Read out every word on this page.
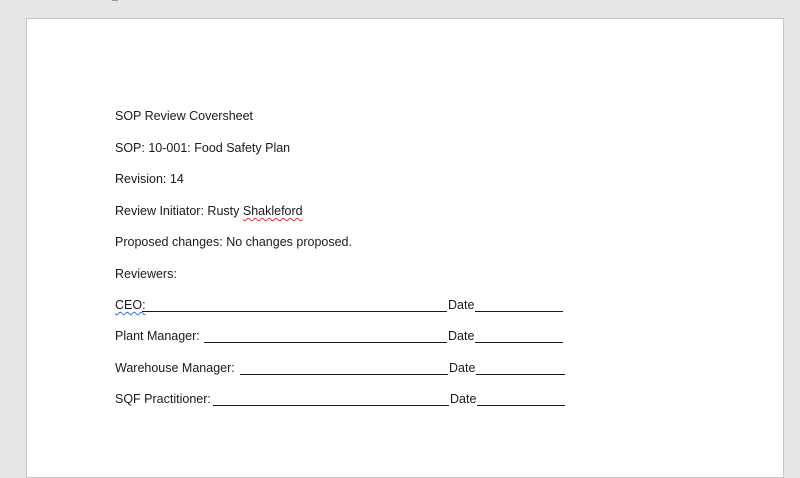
SOP Review Coversheet
SOP: 10-001: Food Safety Plan
Revision: 14
Review Initiator: Rusty Shakleford
Proposed changes: No changes proposed.
Reviewers:
CEO:	Date
Plant Manager:	Date
Warehouse Manager:	Date
SQF Practitioner:	Date
